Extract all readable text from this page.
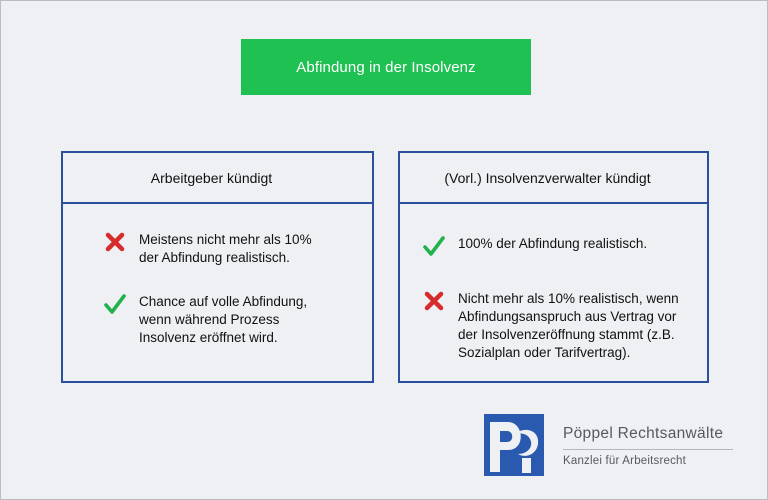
Abfindung in der Insolvenz
Arbeitgeber kündigt
Meistens nicht mehr als 10%
der Abfindung realistisch.
Chance auf volle Abfindung,
wenn während Prozess
Insolvenz eröffnet wird.
(Vorl.) Insolvenzverwalter kündigt
100% der Abfindung realistisch.
Nicht mehr als 10% realistisch, wenn
Abfindungsanspruch aus Vertrag vor
der Insolvenzeröffnung stammt (z.B.
Sozialplan oder Tarifvertrag).
Pöppel Rechtsanwälte
Kanzlei für Arbeitsrecht
